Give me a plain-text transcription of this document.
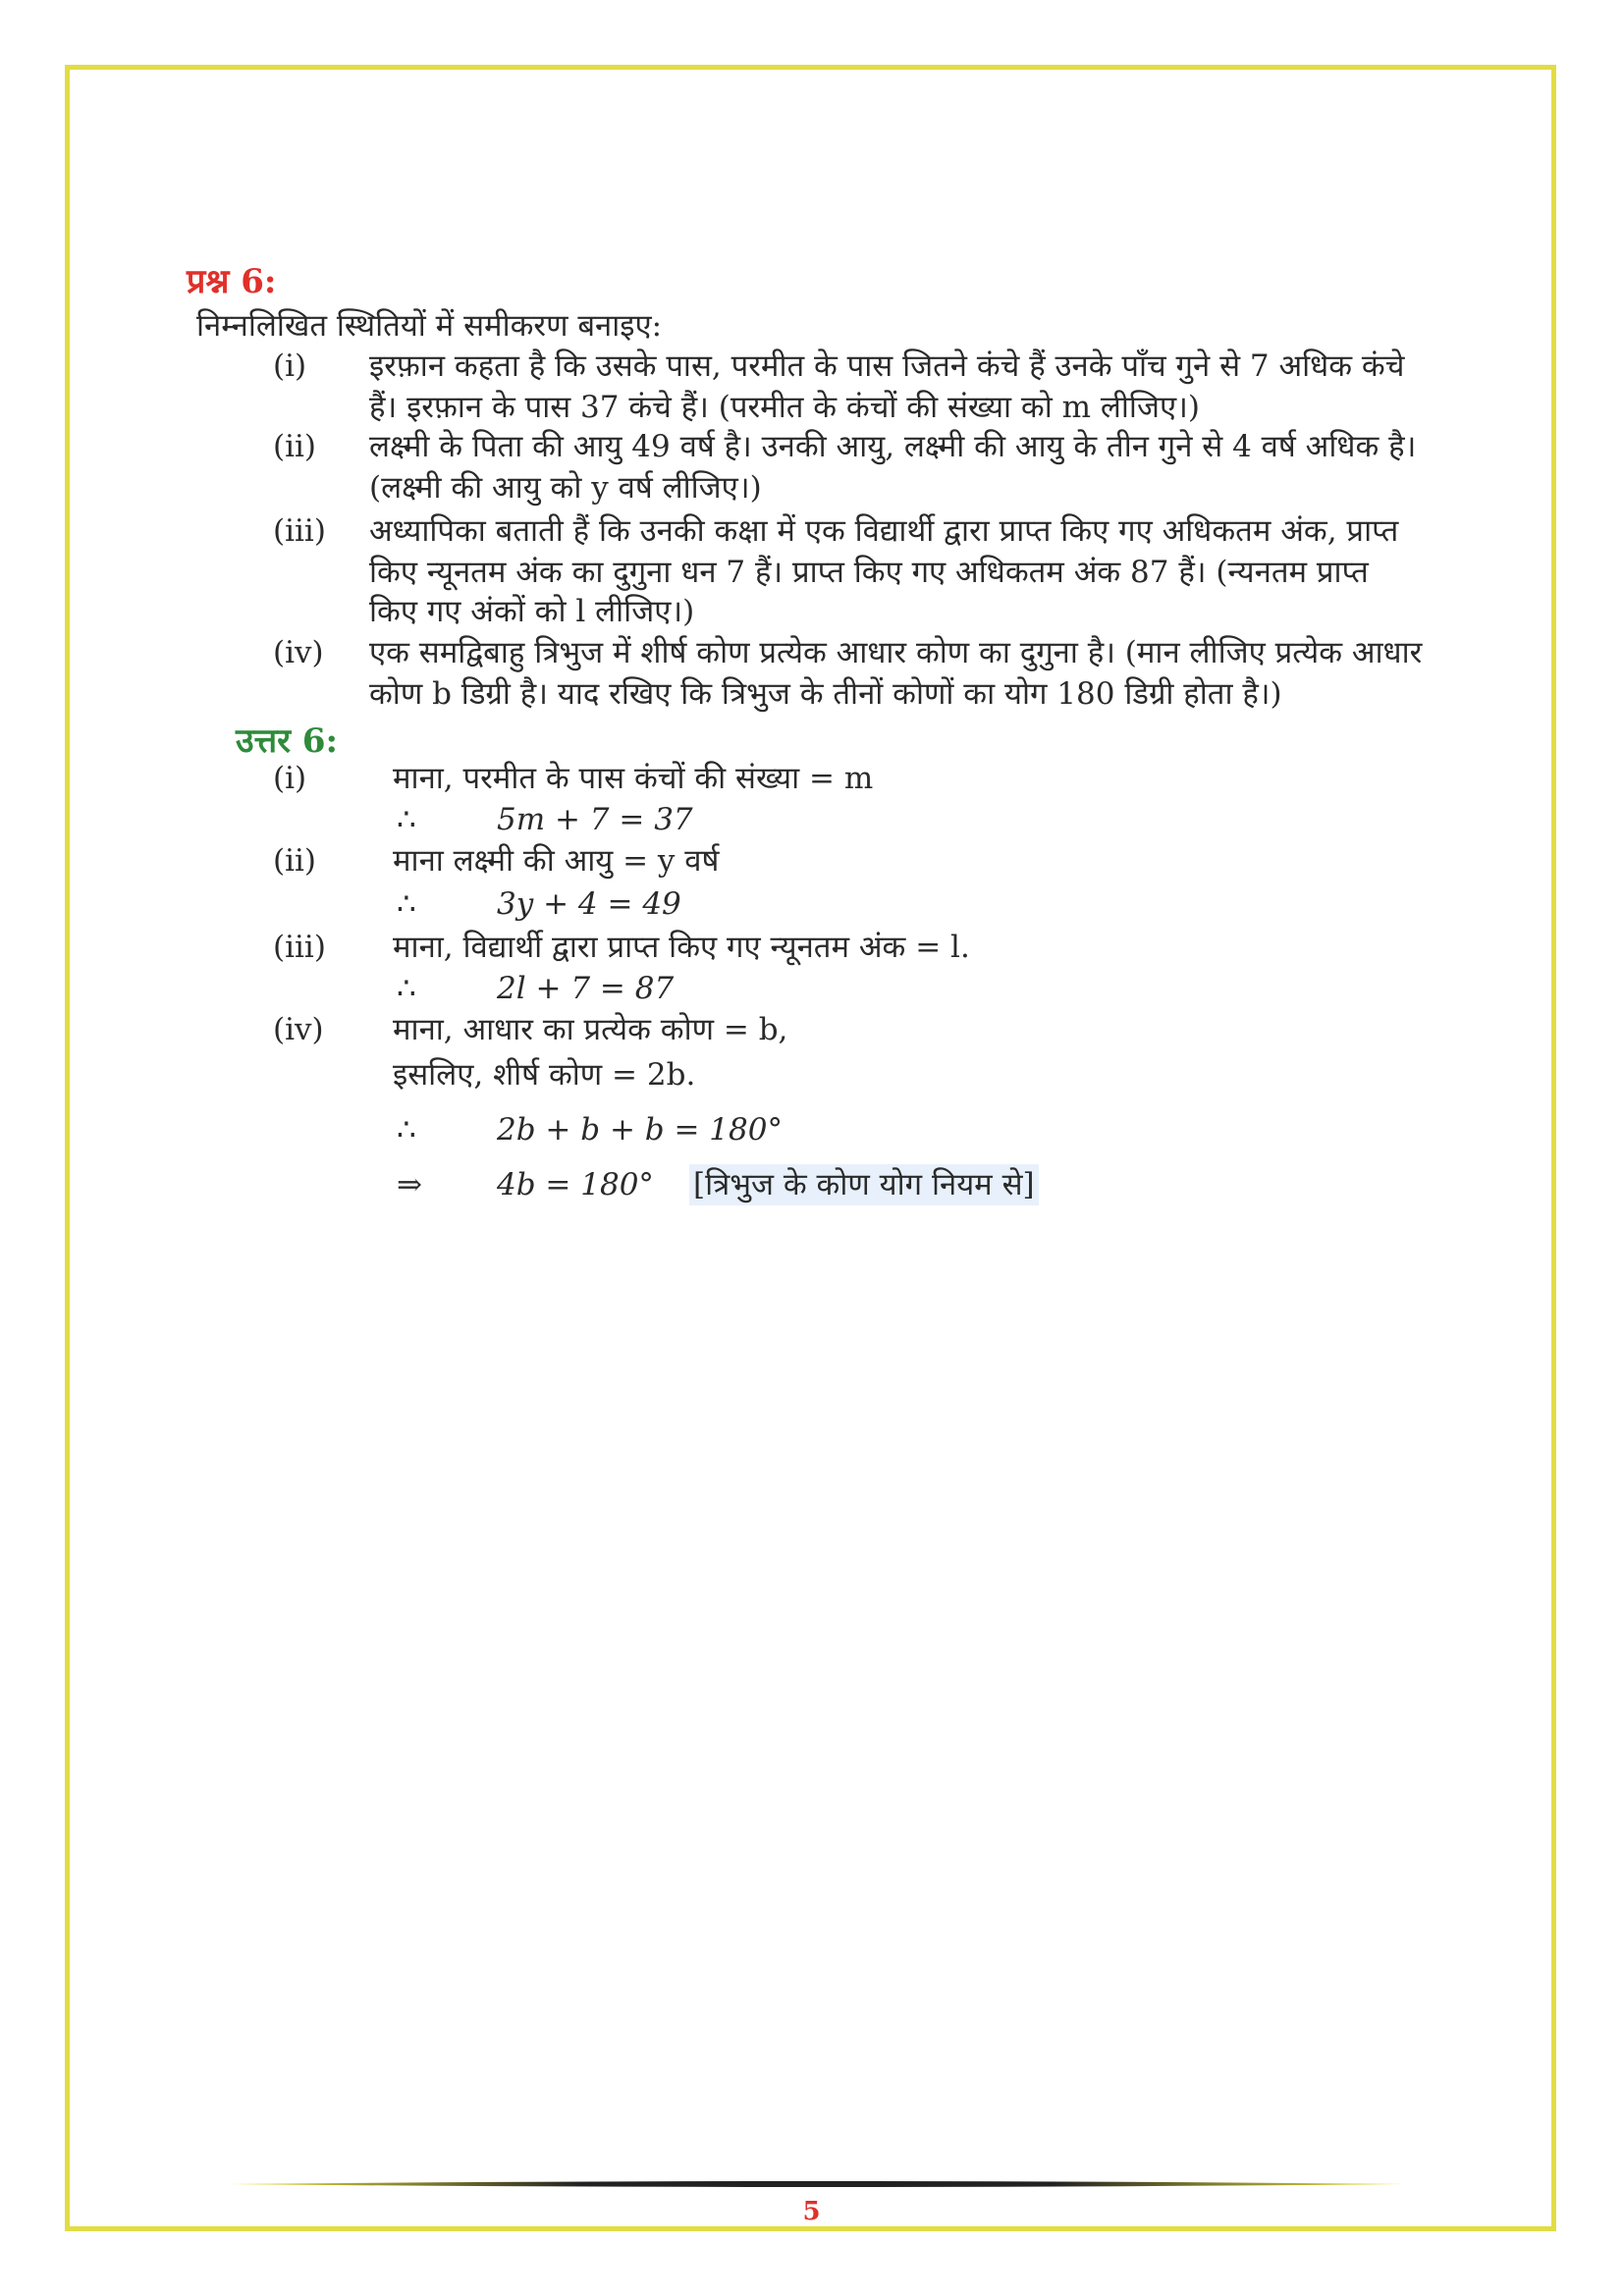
प्रश्न 6:
निम्नलिखित स्थितियों में समीकरण बनाइए:
(i) इरफ़ान कहता है कि उसके पास, परमीत के पास जितने कंचे हैं उनके पाँच गुने से 7 अधिक कंचे
हैं। इरफ़ान के पास 37 कंचे हैं। (परमीत के कंचों की संख्या को m लीजिए।)
(ii) लक्ष्मी के पिता की आयु 49 वर्ष है। उनकी आयु, लक्ष्मी की आयु के तीन गुने से 4 वर्ष अधिक है।
(लक्ष्मी की आयु को y वर्ष लीजिए।)
(iii) अध्यापिका बताती हैं कि उनकी कक्षा में एक विद्यार्थी द्वारा प्राप्त किए गए अधिकतम अंक, प्राप्त
किए न्यूनतम अंक का दुगुना धन 7 हैं। प्राप्त किए गए अधिकतम अंक 87 हैं। (न्यनतम प्राप्त
किए गए अंकों को l लीजिए।)
(iv) एक समद्विबाहु त्रिभुज में शीर्ष कोण प्रत्येक आधार कोण का दुगुना है। (मान लीजिए प्रत्येक आधार
कोण b डिग्री है। याद रखिए कि त्रिभुज के तीनों कोणों का योग 180 डिग्री होता है।)
उत्तर 6:
(i)	माना, परमीत के पास कंचों की संख्या = m
∴	5m + 7 = 37
(ii)	माना लक्ष्मी की आयु = y वर्ष
∴	3y + 4 = 49
(iii) माना, विद्यार्थी द्वारा प्राप्त किए गए न्यूनतम अंक = l.
∴	2l + 7 = 87
(iv) माना, आधार का प्रत्येक कोण = b,
इसलिए, शीर्ष कोण = 2b.
∴	2b + b + b = 180°
⇒ 4b = 180° [त्रिभुज के कोण योग नियम से]
5
